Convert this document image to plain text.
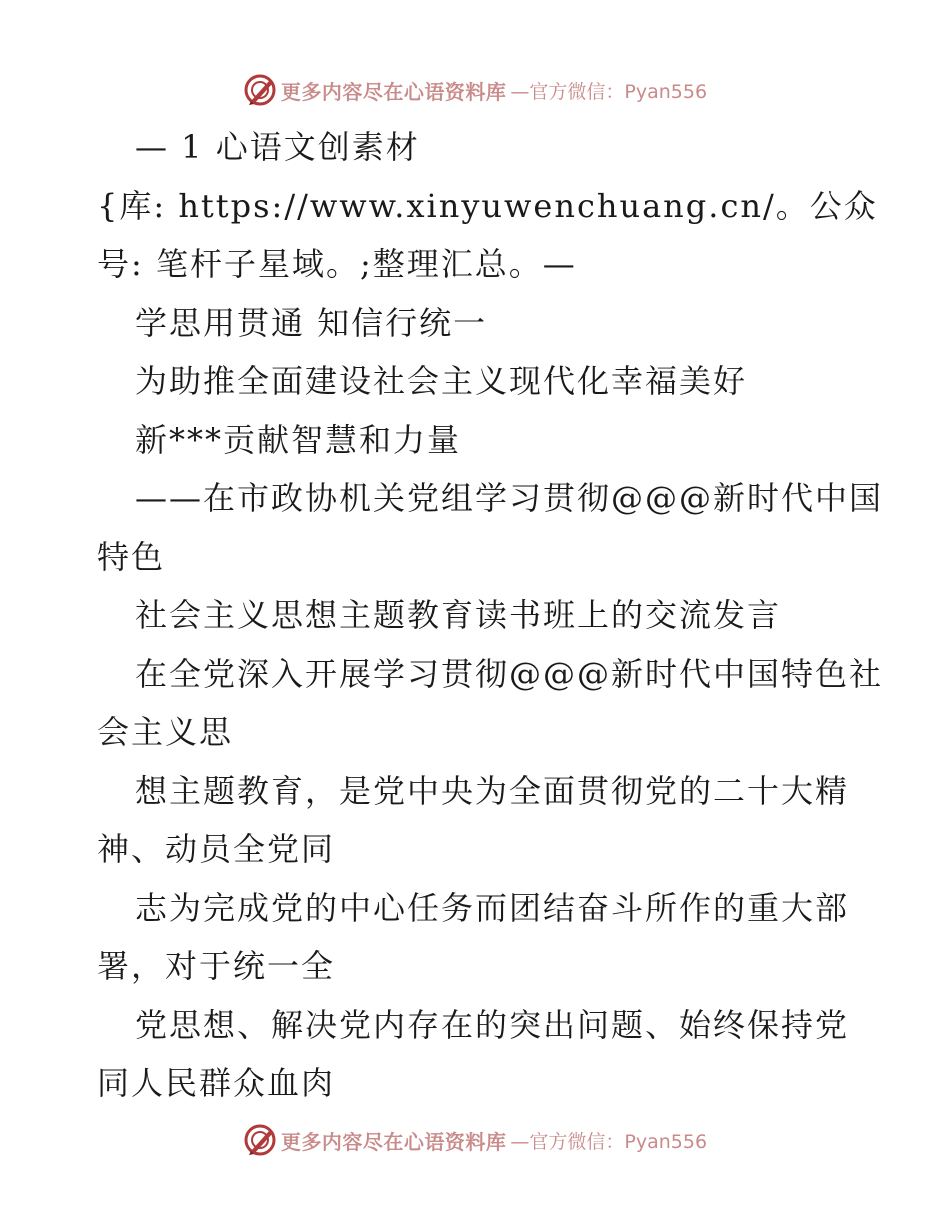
更多内容尽在心语资料库 —官方微信：Pyan556
— 1 心语文创素材
{库: https://www.xinyuwenchuang.cn/。公众
号: 笔杆子星域。;整理汇总。—
学思用贯通 知信行统一
为助推全面建设社会主义现代化幸福美好
新***贡献智慧和力量
——在市政协机关党组学习贯彻@@@新时代中国
特色
社会主义思想主题教育读书班上的交流发言
在全党深入开展学习贯彻@@@新时代中国特色社
会主义思
想主题教育，是党中央为全面贯彻党的二十大精
神、动员全党同
志为完成党的中心任务而团结奋斗所作的重大部
署，对于统一全
党思想、解决党内存在的突出问题、始终保持党
同人民群众血肉
更多内容尽在心语资料库 —官方微信：Pyan556
